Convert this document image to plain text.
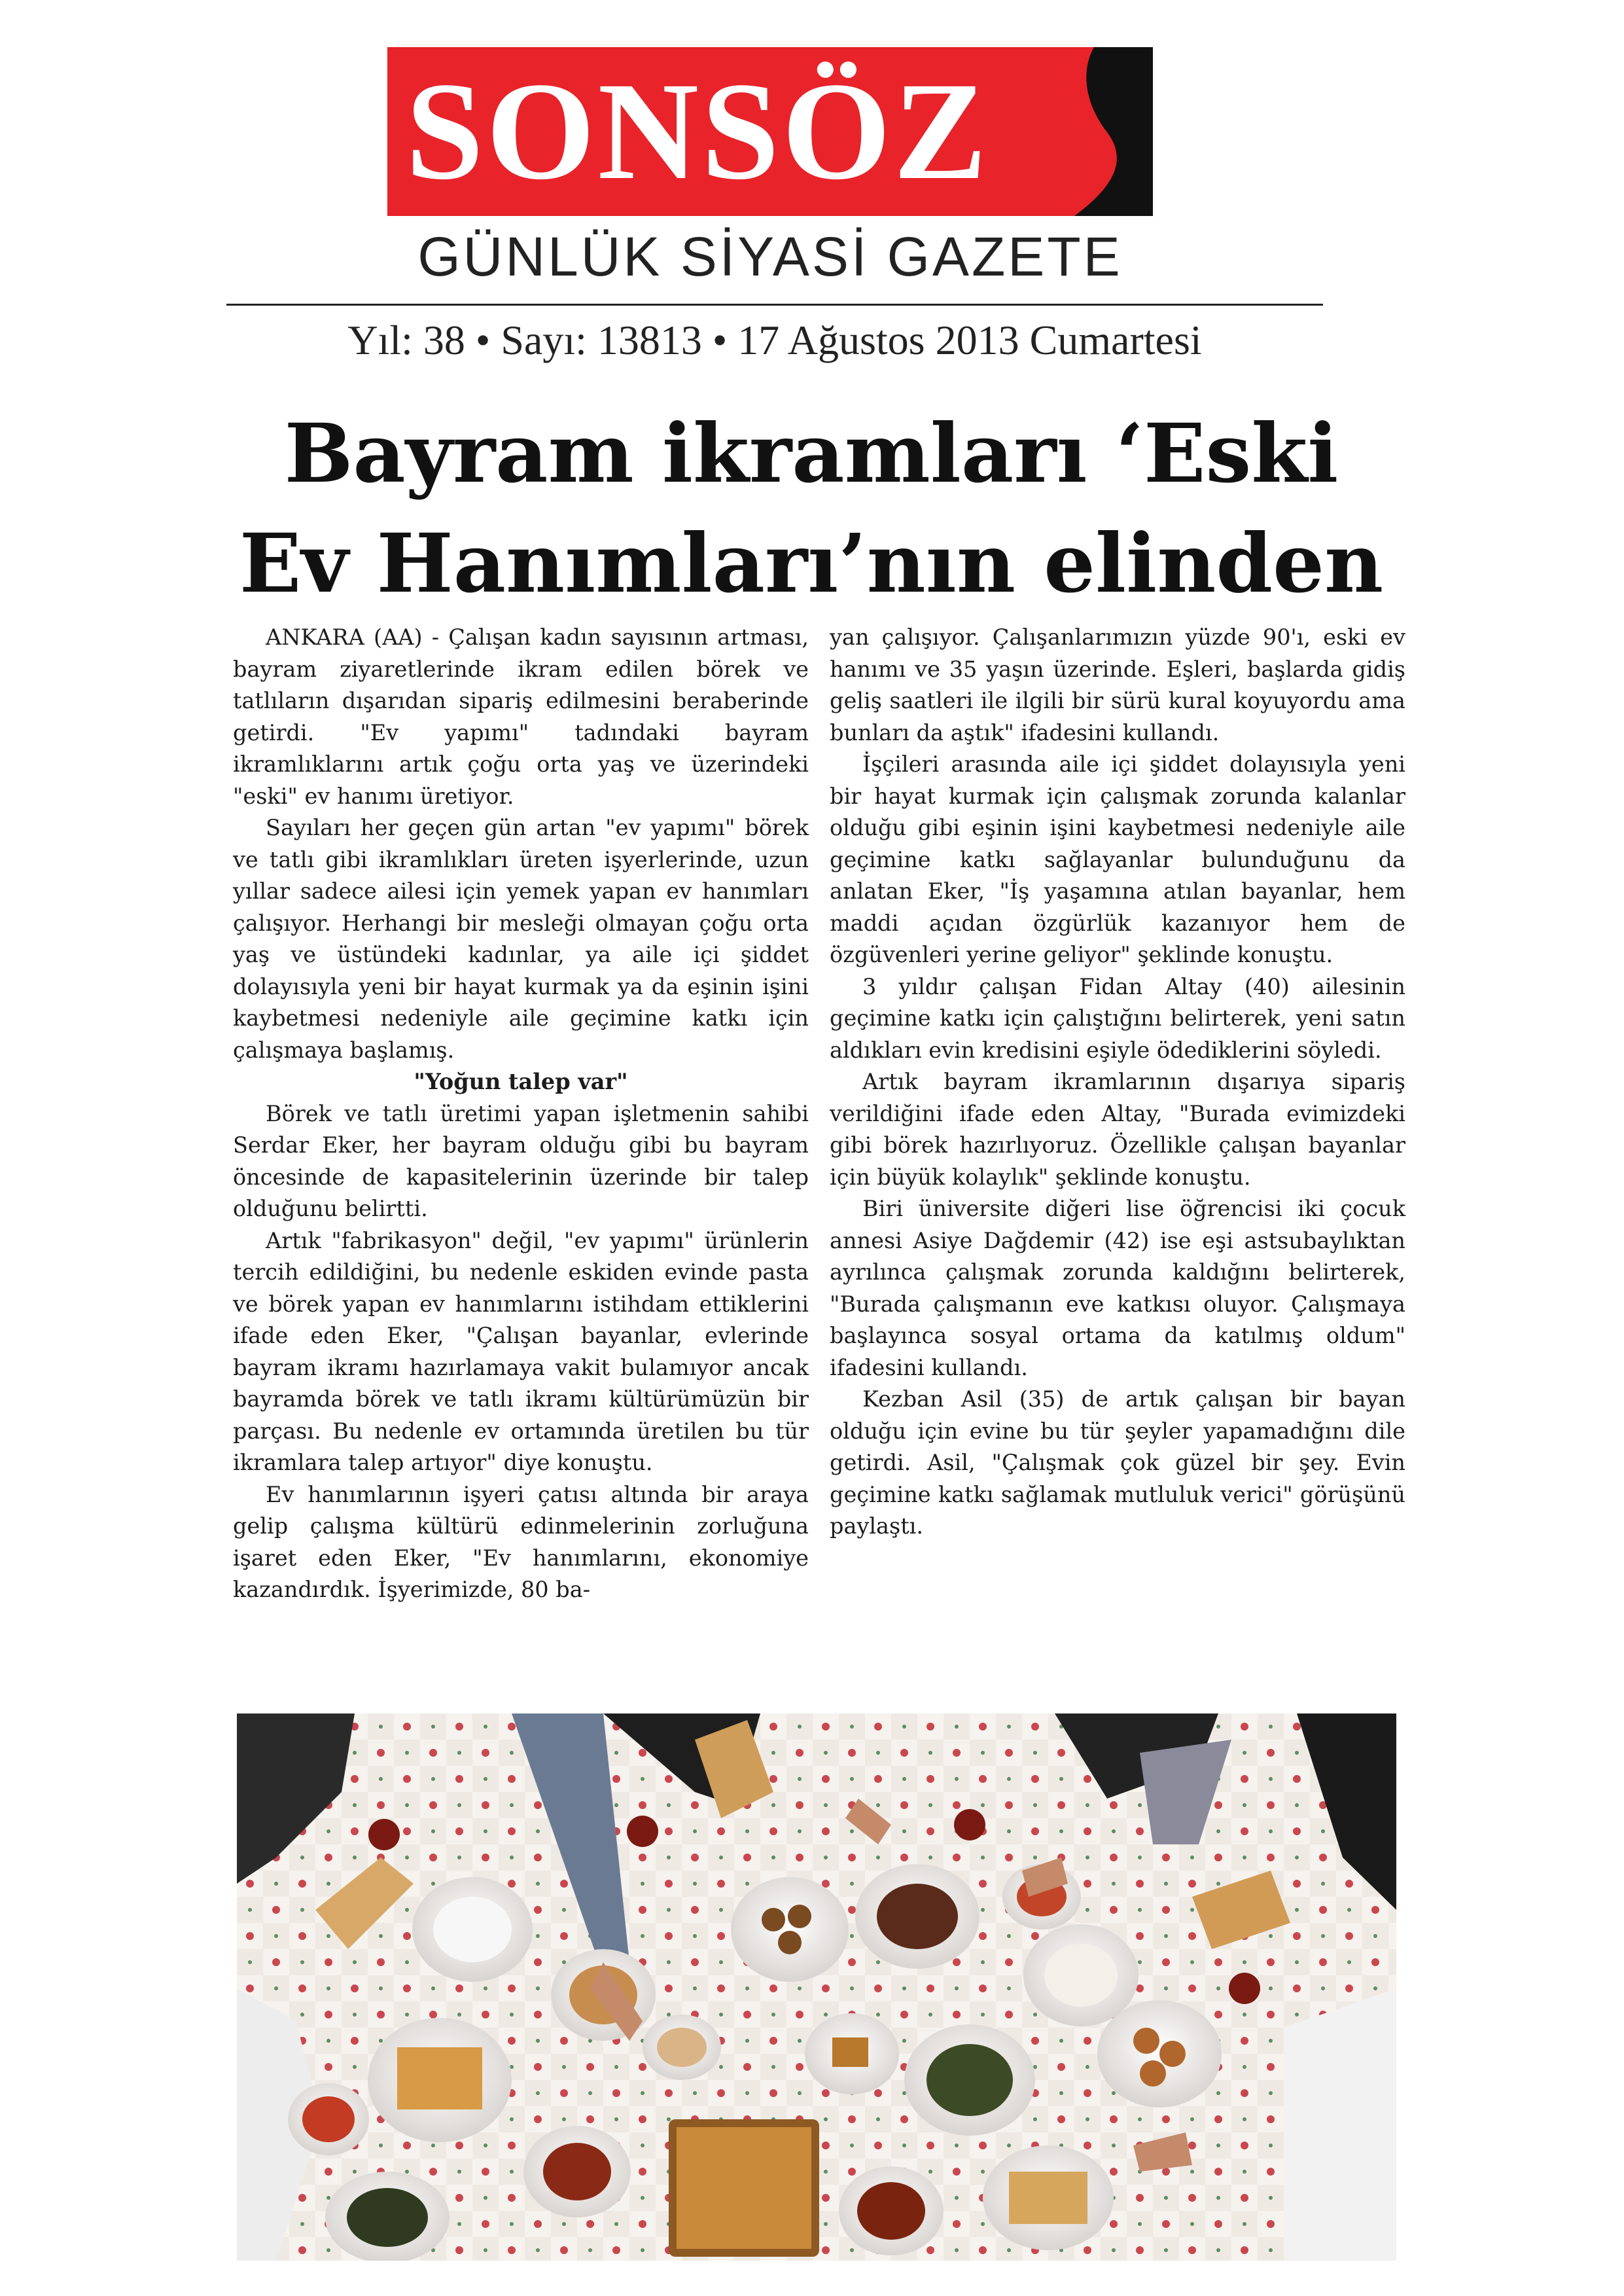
SONSÖZ
GÜNLÜK SİYASİ GAZETE
Yıl: 38 • Sayı: 13813 • 17 Ağustos 2013 Cumartesi
Bayram ikramları ‘Eski
Ev Hanımları’nın elinden

ANKARA (AA) - Çalışan kadın sayısının artması, bayram ziyaretlerinde ikram edilen börek ve tatlıların dışarıdan sipariş edilmesini beraberinde getirdi. "Ev yapımı" tadındaki bayram ikramlıklarını artık çoğu orta yaş ve üzerindeki "eski" ev hanımı üretiyor.

Sayıları her geçen gün artan "ev yapımı" börek ve tatlı gibi ikramlıkları üreten işyerlerinde, uzun yıllar sadece ailesi için yemek yapan ev hanımları çalışıyor. Herhangi bir mesleği olmayan çoğu orta yaş ve üstündeki kadınlar, ya aile içi şiddet dolayısıyla yeni bir hayat kurmak ya da eşinin işini kaybetmesi nedeniyle aile geçimine katkı için çalışmaya başlamış.

"Yoğun talep var"

Börek ve tatlı üretimi yapan işletmenin sahibi Serdar Eker, her bayram olduğu gibi bu bayram öncesinde de kapasitelerinin üzerinde bir talep olduğunu belirtti.

Artık "fabrikasyon" değil, "ev yapımı" ürünlerin tercih edildiğini, bu nedenle eskiden evinde pasta ve börek yapan ev hanımlarını istihdam ettiklerini ifade eden Eker, "Çalışan bayanlar, evlerinde bayram ikramı hazırlamaya vakit bulamıyor ancak bayramda börek ve tatlı ikramı kültürümüzün bir parçası. Bu nedenle ev ortamında üretilen bu tür ikramlara talep artıyor" diye konuştu.

Ev hanımlarının işyeri çatısı altında bir araya gelip çalışma kültürü edinmelerinin zorluğuna işaret eden Eker, "Ev hanımlarını, ekonomiye kazandırdık. İşyerimizde, 80 ba-

yan çalışıyor. Çalışanlarımızın yüzde 90'ı, eski ev hanımı ve 35 yaşın üzerinde. Eşleri, başlarda gidiş geliş saatleri ile ilgili bir sürü kural koyuyordu ama bunları da aştık" ifadesini kullandı.

İşçileri arasında aile içi şiddet dolayısıyla yeni bir hayat kurmak için çalışmak zorunda kalanlar olduğu gibi eşinin işini kaybetmesi nedeniyle aile geçimine katkı sağlayanlar bulunduğunu da anlatan Eker, "İş yaşamına atılan bayanlar, hem maddi açıdan özgürlük kazanıyor hem de özgüvenleri yerine geliyor" şeklinde konuştu.

3 yıldır çalışan Fidan Altay (40) ailesinin geçimine katkı için çalıştığını belirterek, yeni satın aldıkları evin kredisini eşiyle ödediklerini söyledi.

Artık bayram ikramlarının dışarıya sipariş verildiğini ifade eden Altay, "Burada evimizdeki gibi börek hazırlıyoruz. Özellikle çalışan bayanlar için büyük kolaylık" şeklinde konuştu.

Biri üniversite diğeri lise öğrencisi iki çocuk annesi Asiye Dağdemir (42) ise eşi astsubaylıktan ayrılınca çalışmak zorunda kaldığını belirterek, "Burada çalışmanın eve katkısı oluyor. Çalışmaya başlayınca sosyal ortama da katılmış oldum" ifadesini kullandı.

Kezban Asil (35) de artık çalışan bir bayan olduğu için evine bu tür şeyler yapamadığını dile getirdi. Asil, "Çalışmak çok güzel bir şey. Evin geçimine katkı sağlamak mutluluk verici" görüşünü paylaştı.
